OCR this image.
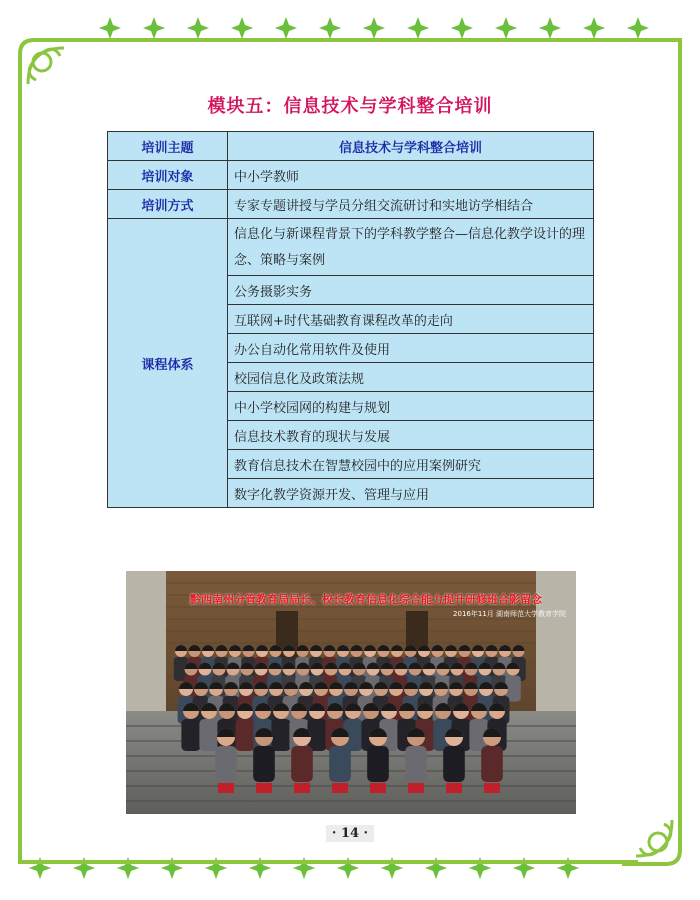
模块五：信息技术与学科整合培训
培训主题	信息技术与学科整合培训
培训对象	中小学教师
培训方式	专家专题讲授与学员分组交流研讨和实地访学相结合
课程体系	信息化与新课程背景下的学科教学整合—信息化教学设计的理念、策略与案例
	公务摄影实务
	互联网+时代基础教育课程改革的走向
	办公自动化常用软件及使用
	校园信息化及政策法规
	中小学校园网的构建与规划
	信息技术教育的现状与发展
	教育信息技术在智慧校园中的应用案例研究
	数字化教学资源开发、管理与应用
黔西南州分管教育局局长、校长教育信息化综合能力提升研修班合影留念
2016年11月 湖南师范大学教育学院
· 14 ·
